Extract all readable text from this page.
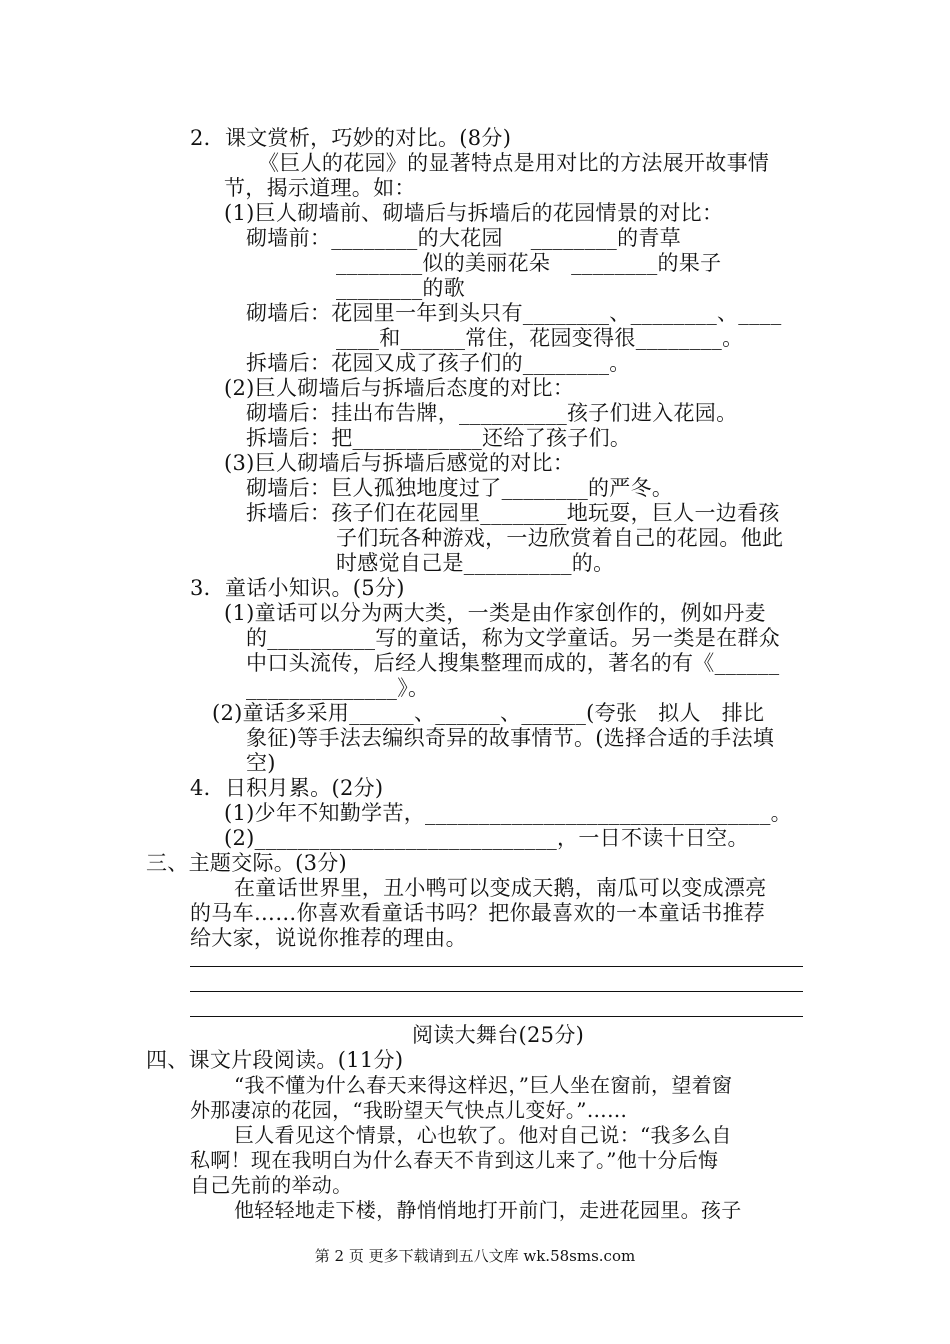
2．课文赏析，巧妙的对比。(8分)
《巨人的花园》的显著特点是用对比的方法展开故事情
节，揭示道理。如：
(1)巨人砌墙前、砌墙后与拆墙后的花园情景的对比：
砌墙前：________的大花园    ________的青草
________似的美丽花朵   ________的果子
________的歌
砌墙后：花园里一年到头只有________、________、____
____和______常住，花园变得很________。
拆墙后：花园又成了孩子们的________。
(2)巨人砌墙后与拆墙后态度的对比：
砌墙后：挂出布告牌，__________孩子们进入花园。
拆墙后：把____________还给了孩子们。
(3)巨人砌墙后与拆墙后感觉的对比：
砌墙后：巨人孤独地度过了________的严冬。
拆墙后：孩子们在花园里________地玩耍，巨人一边看孩
子们玩各种游戏，一边欣赏着自己的花园。他此
时感觉自己是__________的。
3．童话小知识。(5分)
(1)童话可以分为两大类，一类是由作家创作的，例如丹麦
的__________写的童话，称为文学童话。另一类是在群众
中口头流传，后经人搜集整理而成的，著名的有《______
______________》。
(2)童话多采用______、______、______(夸张   拟人   排比
象征)等手法去编织奇异的故事情节。(选择合适的手法填
空)
4．日积月累。(2分)
(1)少年不知勤学苦，________________________________。
(2)____________________________，一日不读十日空。
三、主题交际。(3分)
在童话世界里，丑小鸭可以变成天鹅，南瓜可以变成漂亮
的马车……你喜欢看童话书吗？把你最喜欢的一本童话书推荐
给大家，说说你推荐的理由。
阅读大舞台(25分)
四、课文片段阅读。(11分)
“我不懂为什么春天来得这样迟，”巨人坐在窗前，望着窗
外那凄凉的花园，“我盼望天气快点儿变好。”……
巨人看见这个情景，心也软了。他对自己说：“我多么自
私啊！现在我明白为什么春天不肯到这儿来了。”他十分后悔
自己先前的举动。
他轻轻地走下楼，静悄悄地打开前门，走进花园里。孩子
第 2 页 更多下载请到五八文库 wk.58sms.com
